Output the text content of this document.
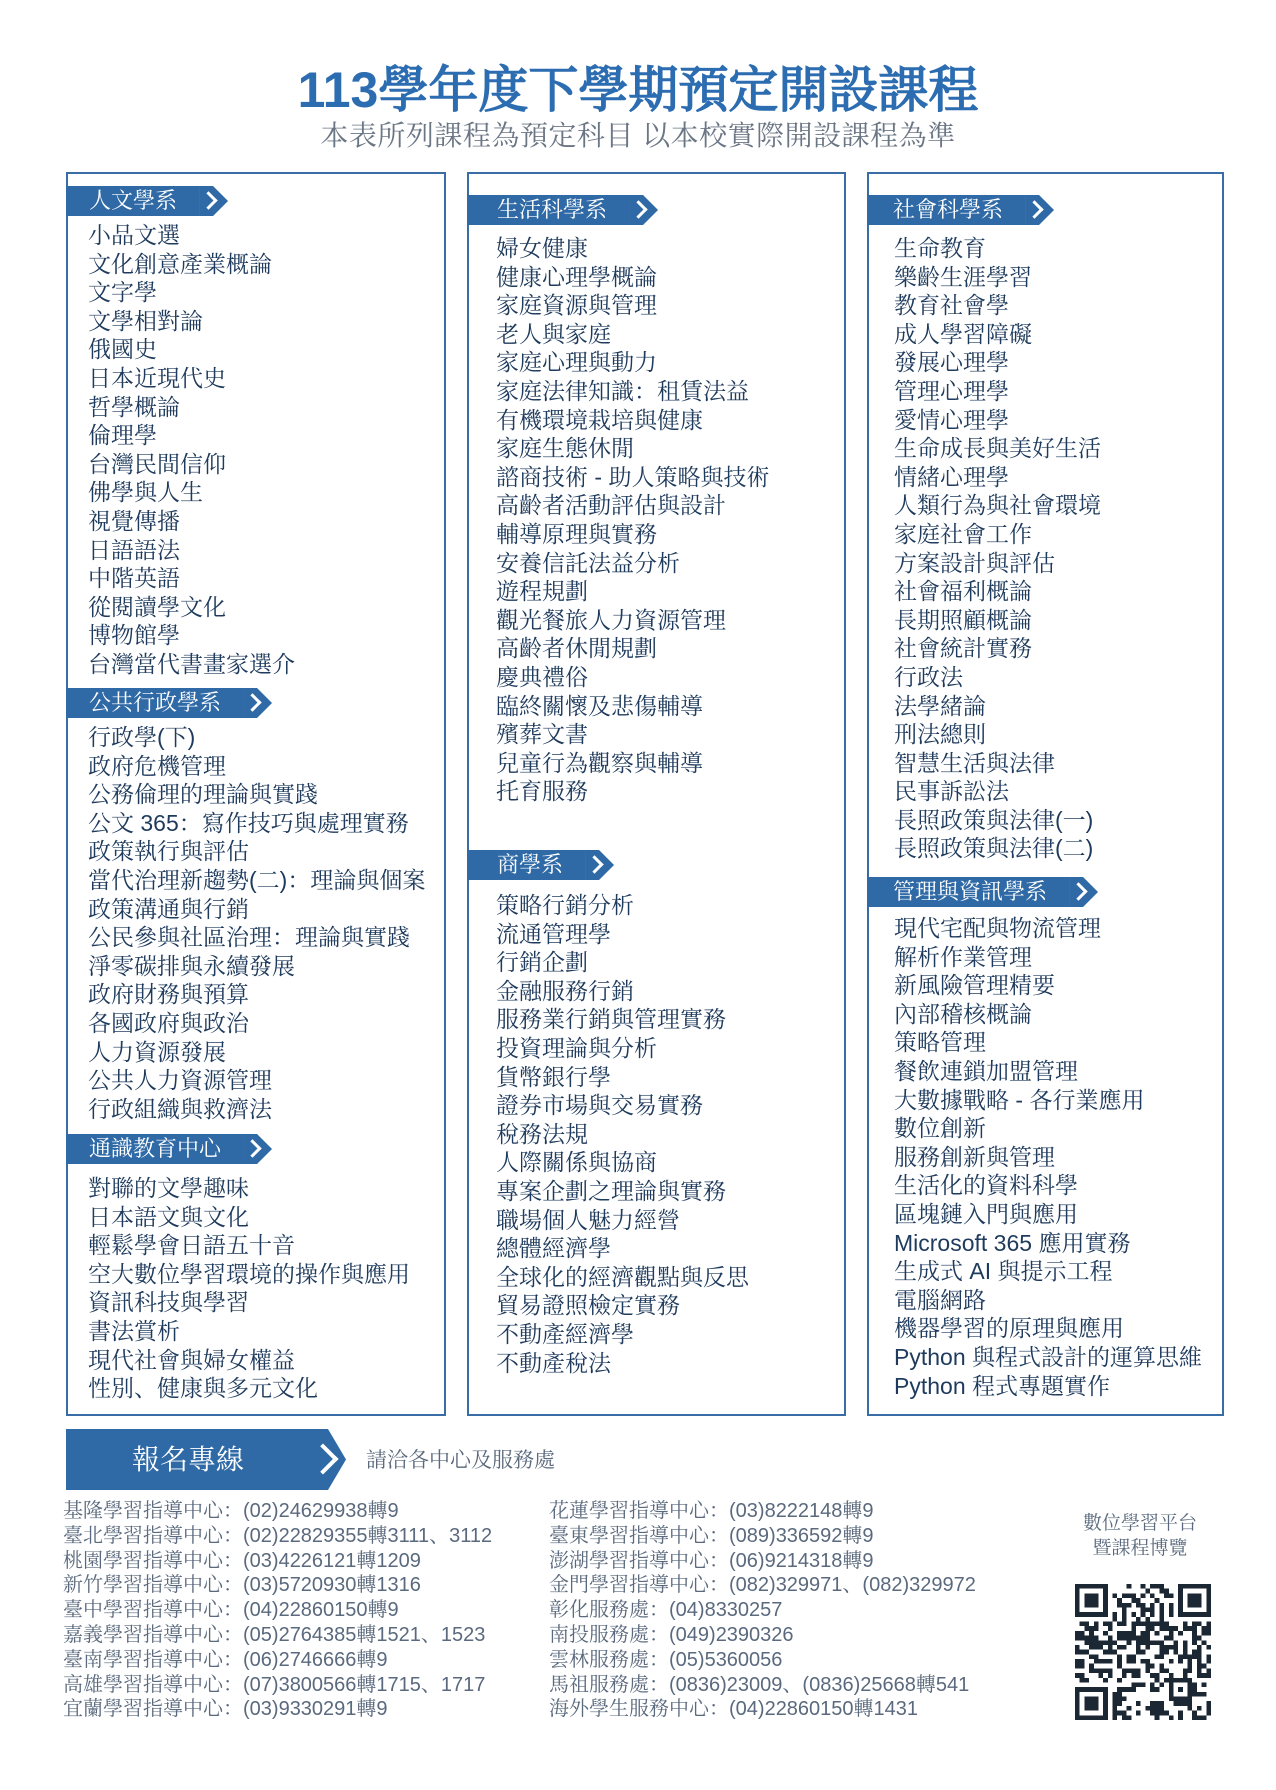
113學年度下學期預定開設課程
本表所列課程為預定科目 以本校實際開設課程為準
人文學系
小品文選
文化創意產業概論
文字學
文學相對論
俄國史
日本近現代史
哲學概論
倫理學
台灣民間信仰
佛學與人生
視覺傳播
日語語法
中階英語
從閱讀學文化
博物館學
台灣當代書畫家選介
公共行政學系
行政學(下)
政府危機管理
公務倫理的理論與實踐
公文 365：寫作技巧與處理實務
政策執行與評估
當代治理新趨勢(二)：理論與個案
政策溝通與行銷
公民參與社區治理：理論與實踐
淨零碳排與永續發展
政府財務與預算
各國政府與政治
人力資源發展
公共人力資源管理
行政組織與救濟法
通識教育中心
對聯的文學趣味
日本語文與文化
輕鬆學會日語五十音
空大數位學習環境的操作與應用
資訊科技與學習
書法賞析
現代社會與婦女權益
性別、健康與多元文化
生活科學系
婦女健康
健康心理學概論
家庭資源與管理
老人與家庭
家庭心理與動力
家庭法律知識：租賃法益
有機環境栽培與健康
家庭生態休閒
諮商技術 - 助人策略與技術
高齡者活動評估與設計
輔導原理與實務
安養信託法益分析
遊程規劃
觀光餐旅人力資源管理
高齡者休閒規劃
慶典禮俗
臨終關懷及悲傷輔導
殯葬文書
兒童行為觀察與輔導
托育服務
商學系
策略行銷分析
流通管理學
行銷企劃
金融服務行銷
服務業行銷與管理實務
投資理論與分析
貨幣銀行學
證券市場與交易實務
稅務法規
人際關係與協商
專案企劃之理論與實務
職場個人魅力經營
總體經濟學
全球化的經濟觀點與反思
貿易證照檢定實務
不動產經濟學
不動產稅法
社會科學系
生命教育
樂齡生涯學習
教育社會學
成人學習障礙
發展心理學
管理心理學
愛情心理學
生命成長與美好生活
情緒心理學
人類行為與社會環境
家庭社會工作
方案設計與評估
社會福利概論
長期照顧概論
社會統計實務
行政法
法學緒論
刑法總則
智慧生活與法律
民事訴訟法
長照政策與法律(一)
長照政策與法律(二)
管理與資訊學系
現代宅配與物流管理
解析作業管理
新風險管理精要
內部稽核概論
策略管理
餐飲連鎖加盟管理
大數據戰略 - 各行業應用
數位創新
服務創新與管理
生活化的資料科學
區塊鏈入門與應用
Microsoft 365 應用實務
生成式 AI 與提示工程
電腦網路
機器學習的原理與應用
Python 與程式設計的運算思維
Python 程式專題實作
報名專線	請洽各中心及服務處
基隆學習指導中心：(02)24629938轉9
臺北學習指導中心：(02)22829355轉3111、3112
桃園學習指導中心：(03)4226121轉1209
新竹學習指導中心：(03)5720930轉1316
臺中學習指導中心：(04)22860150轉9
嘉義學習指導中心：(05)2764385轉1521、1523
臺南學習指導中心：(06)2746666轉9
高雄學習指導中心：(07)3800566轉1715、1717
宜蘭學習指導中心：(03)9330291轉9
花蓮學習指導中心：(03)8222148轉9
臺東學習指導中心：(089)336592轉9
澎湖學習指導中心：(06)9214318轉9
金門學習指導中心：(082)329971、(082)329972
彰化服務處：(04)8330257
南投服務處：(049)2390326
雲林服務處：(05)5360056
馬祖服務處：(0836)23009、(0836)25668轉541
海外學生服務中心：(04)22860150轉1431
數位學習平台
暨課程博覽
